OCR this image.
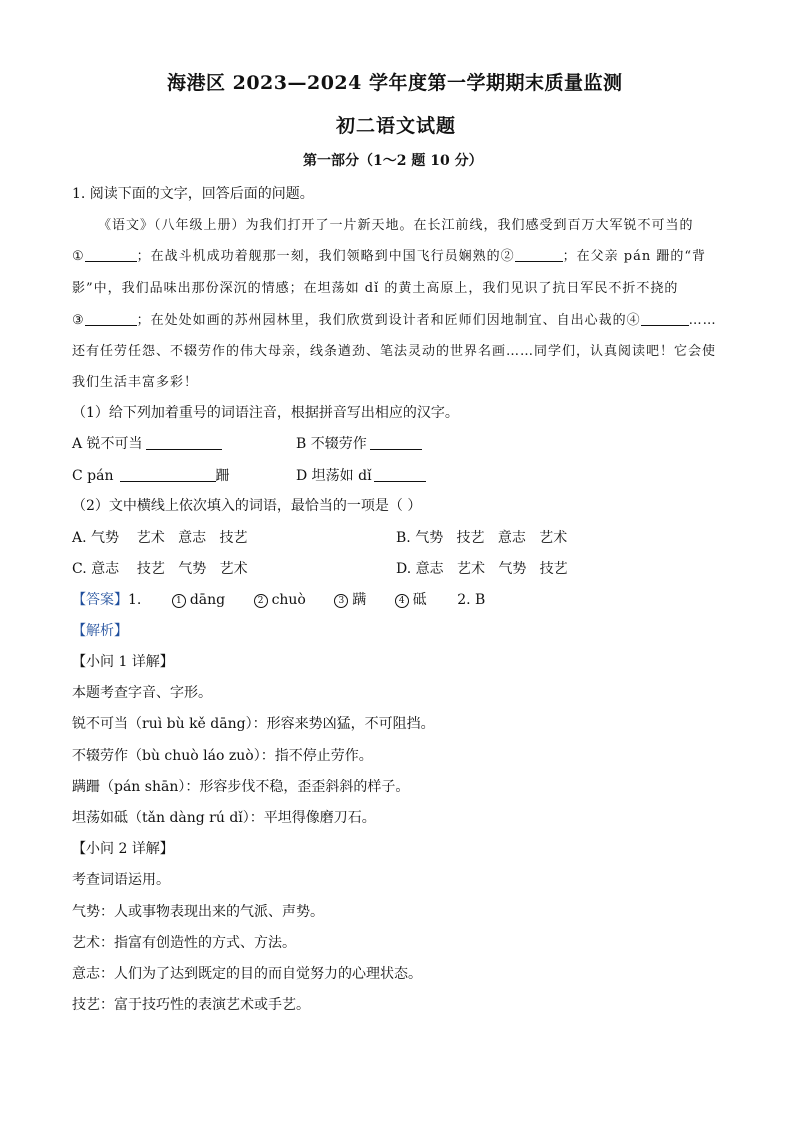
海港区 2023—2024 学年度第一学期期末质量监测
初二语文试题
第一部分（1～2 题 10 分）
1. 阅读下面的文字，回答后面的问题。
《语文》（八年级上册）为我们打开了一片新天地。在长江前线，我们感受到百万大军锐不可当的
①	；在战斗机成功着舰那一刻，我们领略到中国飞行员娴熟的②	；在父亲 pán 跚的“背
影”中，我们品味出那份深沉的情感；在坦荡如 dǐ 的黄土高原上，我们见识了抗日军民不折不挠的
③	；在处处如画的苏州园林里，我们欣赏到设计者和匠师们因地制宜、自出心裁的④	……
还有任劳任怨、不辍劳作的伟大母亲，线条遒劲、笔法灵动的世界名画……同学们，认真阅读吧！它会使
我们生活丰富多彩！
（1）给下列加着重号的词语注音，根据拼音写出相应的汉字。
A 锐不可当	B 不辍劳作
C pán	跚	D 坦荡如 dǐ
（2）文中横线上依次填入的词语，最恰当的一项是（ ）
A. 气势    艺术   意志   技艺	B. 气势   技艺   意志   艺术
C. 意志    技艺   气势   艺术	D. 意志   艺术   气势   技艺
【答案】1.	1 dāng	2 chuò	3 蹒	4 砥 2. B
【解析】
【小问 1 详解】
本题考查字音、字形。
锐不可当（ruì bù kě dāng）：形容来势凶猛，不可阻挡。
不辍劳作（bù chuò láo zuò）：指不停止劳作。
蹒跚（pán shān）：形容步伐不稳，歪歪斜斜的样子。
坦荡如砥（tǎn dàng rú dǐ）：平坦得像磨刀石。
【小问 2 详解】
考查词语运用。
气势：人或事物表现出来的气派、声势。
艺术：指富有创造性的方式、方法。
意志：人们为了达到既定的目的而自觉努力的心理状态。
技艺：富于技巧性的表演艺术或手艺。
